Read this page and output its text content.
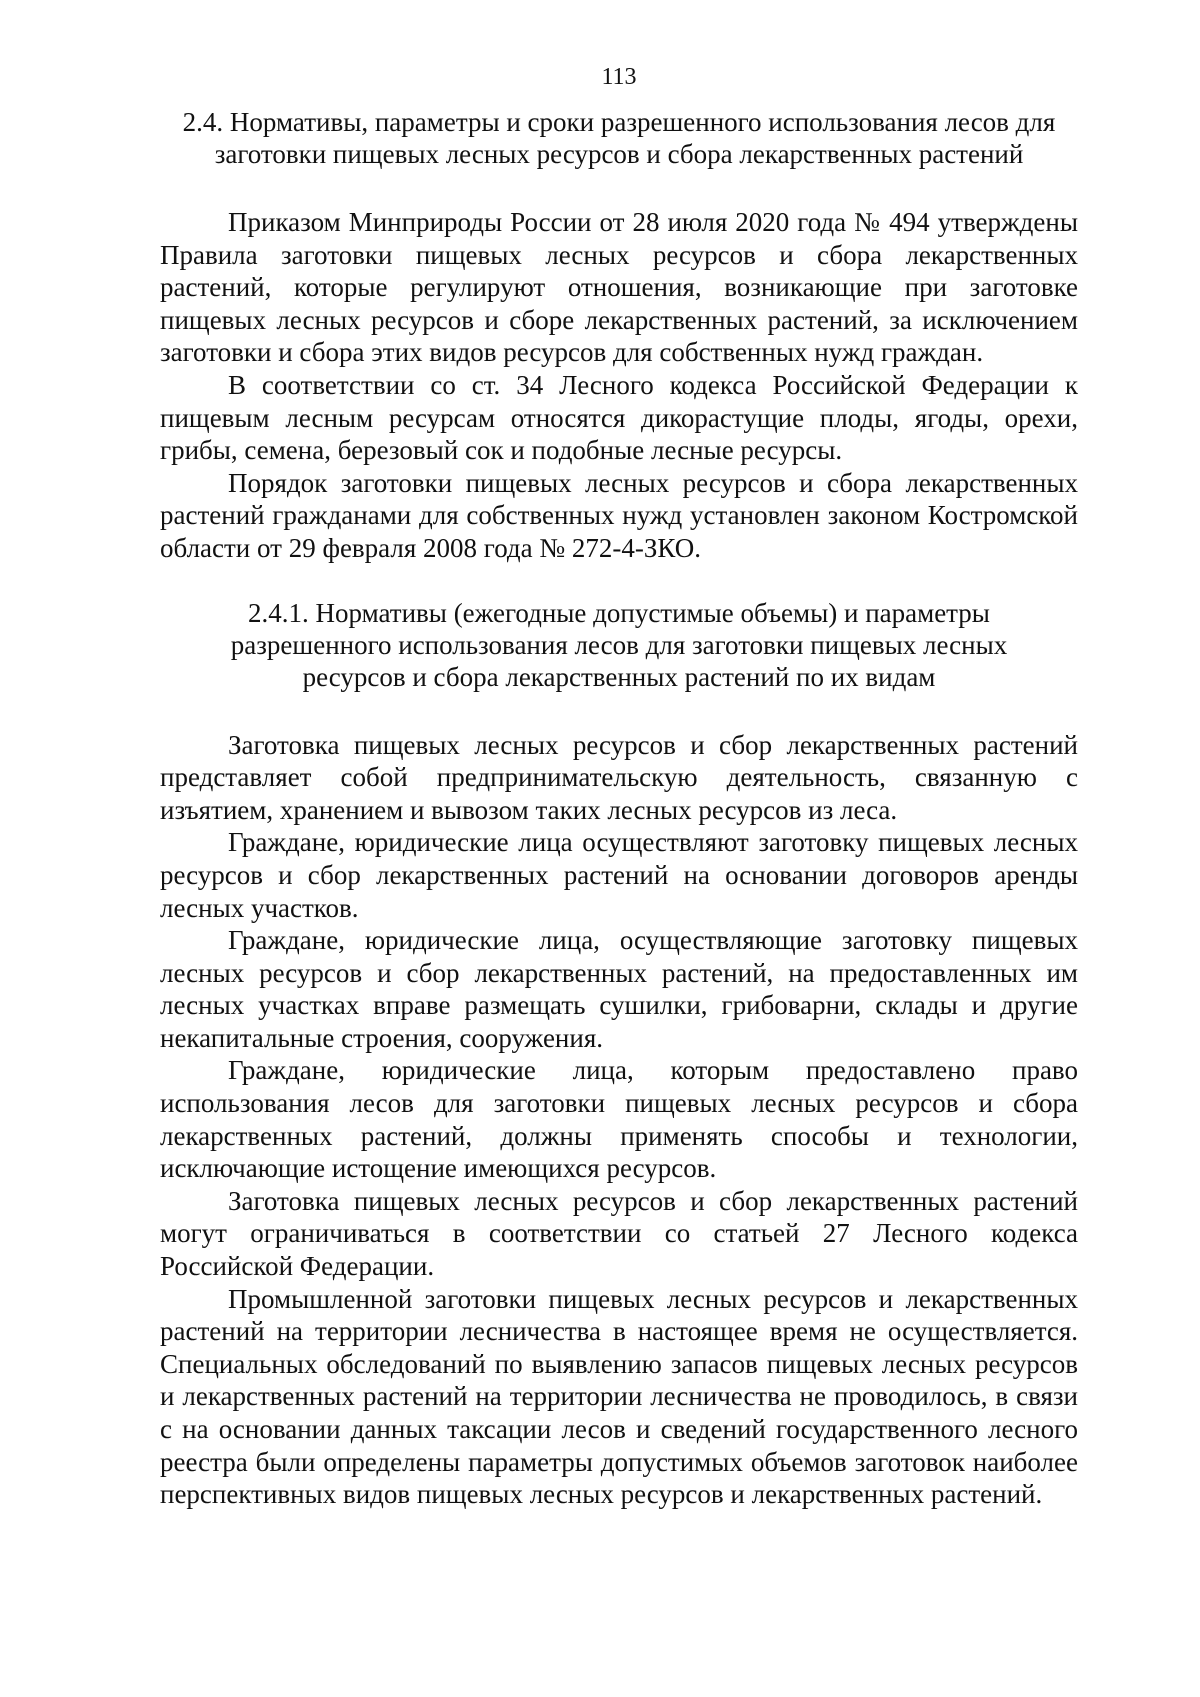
113
2.4. Нормативы, параметры и сроки разрешенного использования лесов для заготовки пищевых лесных ресурсов и сбора лекарственных растений

Приказом Минприроды России от 28 июля 2020 года № 494 утверждены Правила заготовки пищевых лесных ресурсов и сбора лекарственных растений, которые регулируют отношения, возникающие при заготовке пищевых лесных ресурсов и сборе лекарственных растений, за исключением заготовки и сбора этих видов ресурсов для собственных нужд граждан.

В соответствии со ст. 34 Лесного кодекса Российской Федерации к пищевым лесным ресурсам относятся дикорастущие плоды, ягоды, орехи, грибы, семена, березовый сок и подобные лесные ресурсы.

Порядок заготовки пищевых лесных ресурсов и сбора лекарственных растений гражданами для собственных нужд установлен законом Костромской области от 29 февраля 2008 года № 272-4-ЗКО.

2.4.1. Нормативы (ежегодные допустимые объемы) и параметры разрешенного использования лесов для заготовки пищевых лесных ресурсов и сбора лекарственных растений по их видам

Заготовка пищевых лесных ресурсов и сбор лекарственных растений представляет собой предпринимательскую деятельность, связанную с изъятием, хранением и вывозом таких лесных ресурсов из леса.

Граждане, юридические лица осуществляют заготовку пищевых лесных ресурсов и сбор лекарственных растений на основании договоров аренды лесных участков.

Граждане, юридические лица, осуществляющие заготовку пищевых лесных ресурсов и сбор лекарственных растений, на предоставленных им лесных участках вправе размещать сушилки, грибоварни, склады и другие некапитальные строения, сооружения.

Граждане, юридические лица, которым предоставлено право использования лесов для заготовки пищевых лесных ресурсов и сбора лекарственных растений, должны применять способы и технологии, исключающие истощение имеющихся ресурсов.

Заготовка пищевых лесных ресурсов и сбор лекарственных растений могут ограничиваться в соответствии со статьей 27 Лесного кодекса Российской Федерации.

Промышленной заготовки пищевых лесных ресурсов и лекарственных растений на территории лесничества в настоящее время не осуществляется. Специальных обследований по выявлению запасов пищевых лесных ресурсов и лекарственных растений на территории лесничества не проводилось, в связи с на основании данных таксации лесов и сведений государственного лесного реестра были определены параметры допустимых объемов заготовок наиболее перспективных видов пищевых лесных ресурсов и лекарственных растений.
